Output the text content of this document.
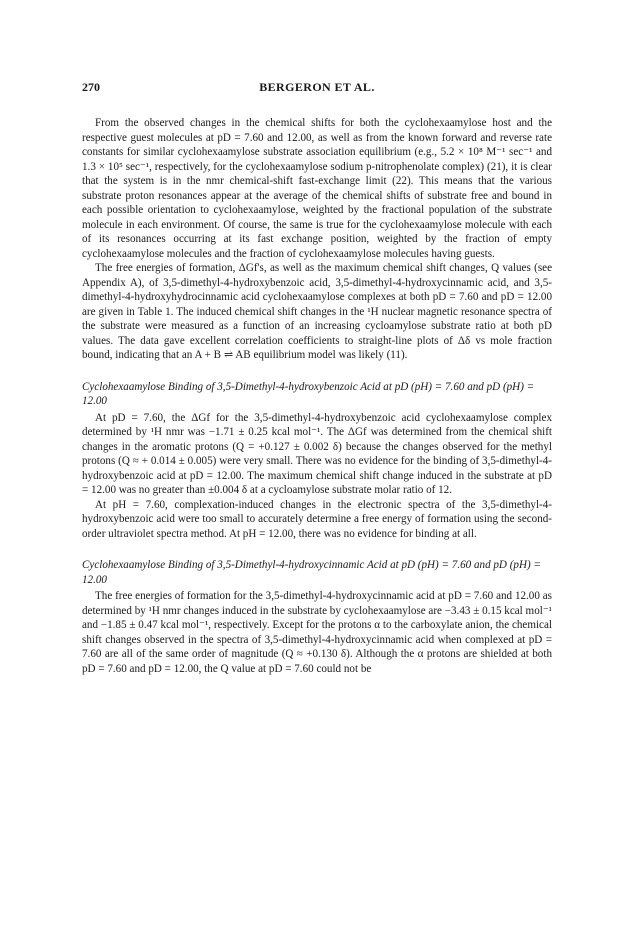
270	BERGERON ET AL.

From the observed changes in the chemical shifts for both the cyclohexaamylose host and the respective guest molecules at pD = 7.60 and 12.00, as well as from the known forward and reverse rate constants for similar cyclohexaamylose substrate association equilibrium (e.g., 5.2 × 10⁸ M⁻¹ sec⁻¹ and 1.3 × 10⁵ sec⁻¹, respectively, for the cyclohexaamylose sodium p-nitrophenolate complex) (21), it is clear that the system is in the nmr chemical-shift fast-exchange limit (22). This means that the various substrate proton resonances appear at the average of the chemical shifts of substrate free and bound in each possible orientation to cyclohexaamylose, weighted by the fractional population of the substrate molecule in each environment. Of course, the same is true for the cyclohexaamylose molecule with each of its resonances occurring at its fast exchange position, weighted by the fraction of empty cyclohexaamylose molecules and the fraction of cyclohexaamylose molecules having guests.

The free energies of formation, ΔGf's, as well as the maximum chemical shift changes, Q values (see Appendix A), of 3,5-dimethyl-4-hydroxybenzoic acid, 3,5-dimethyl-4-hydroxycinnamic acid, and 3,5-dimethyl-4-hydroxyhydrocinnamic acid cyclohexaamylose complexes at both pD = 7.60 and pD = 12.00 are given in Table 1. The induced chemical shift changes in the ¹H nuclear magnetic resonance spectra of the substrate were measured as a function of an increasing cycloamylose substrate ratio at both pD values. The data gave excellent correlation coefficients to straight-line plots of Δδ vs mole fraction bound, indicating that an A + B ⇌ AB equilibrium model was likely (11).

Cyclohexaamylose Binding of 3,5-Dimethyl-4-hydroxybenzoic Acid at pD (pH) = 7.60 and pD (pH) = 12.00

At pD = 7.60, the ΔGf for the 3,5-dimethyl-4-hydroxybenzoic acid cyclohexaamylose complex determined by ¹H nmr was −1.71 ± 0.25 kcal mol⁻¹. The ΔGf was determined from the chemical shift changes in the aromatic protons (Q = +0.127 ± 0.002 δ) because the changes observed for the methyl protons (Q ≈ + 0.014 ± 0.005) were very small. There was no evidence for the binding of 3,5-dimethyl-4-hydroxybenzoic acid at pD = 12.00. The maximum chemical shift change induced in the substrate at pD = 12.00 was no greater than ±0.004 δ at a cycloamylose substrate molar ratio of 12.

At pH = 7.60, complexation-induced changes in the electronic spectra of the 3,5-dimethyl-4-hydroxybenzoic acid were too small to accurately determine a free energy of formation using the second-order ultraviolet spectra method. At pH = 12.00, there was no evidence for binding at all.

Cyclohexaamylose Binding of 3,5-Dimethyl-4-hydroxycinnamic Acid at pD (pH) = 7.60 and pD (pH) = 12.00

The free energies of formation for the 3,5-dimethyl-4-hydroxycinnamic acid at pD = 7.60 and 12.00 as determined by ¹H nmr changes induced in the substrate by cyclohexaamylose are −3.43 ± 0.15 kcal mol⁻¹ and −1.85 ± 0.47 kcal mol⁻¹, respectively. Except for the protons α to the carboxylate anion, the chemical shift changes observed in the spectra of 3,5-dimethyl-4-hydroxycinnamic acid when complexed at pD = 7.60 are all of the same order of magnitude (Q ≈ +0.130 δ). Although the α protons are shielded at both pD = 7.60 and pD = 12.00, the Q value at pD = 7.60 could not be
